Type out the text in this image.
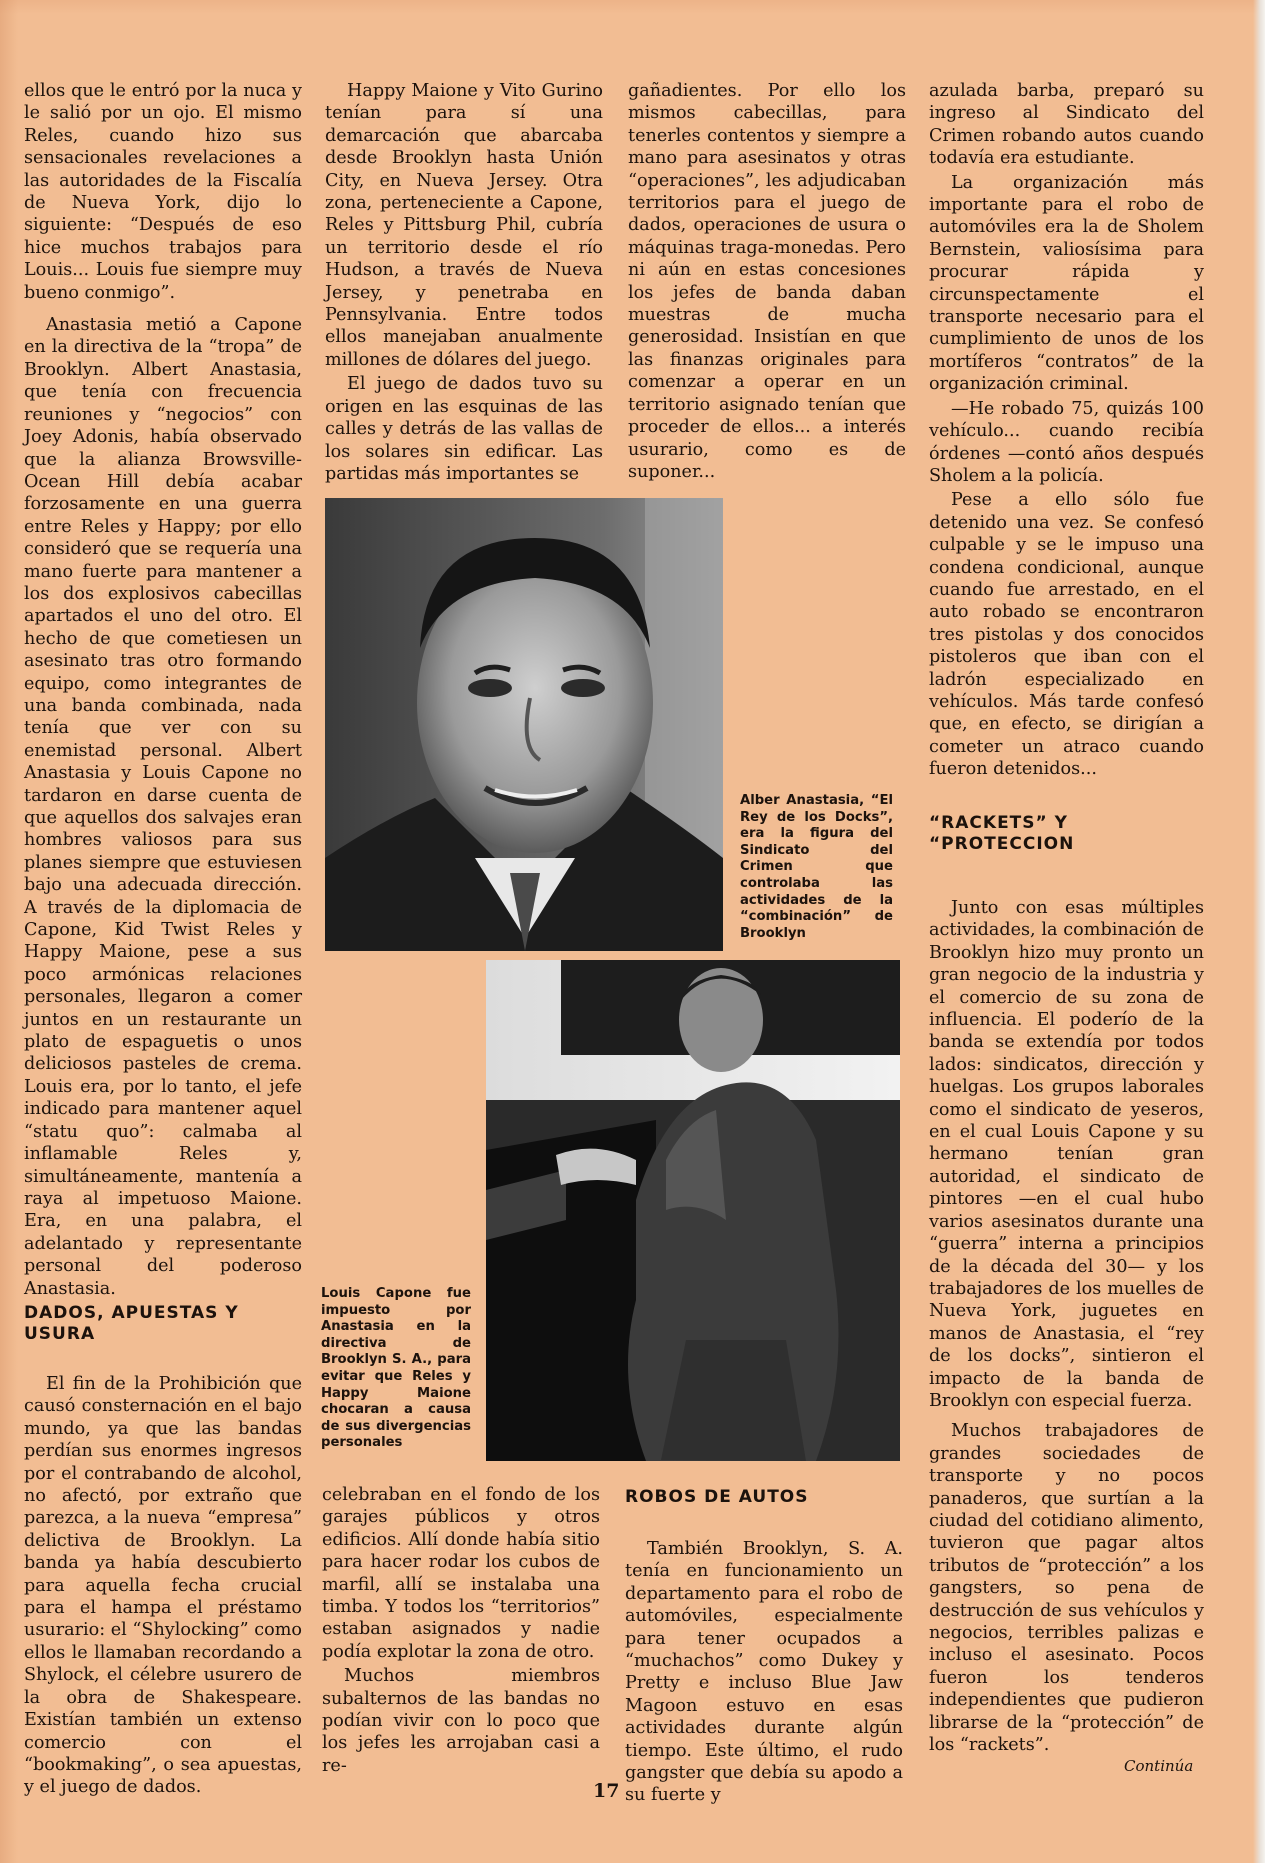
ellos que le entró por la nuca y le salió por un ojo. El mismo Reles, cuando hizo sus sensacionales revelaciones a las autoridades de la Fiscalía de Nueva York, dijo lo siguiente: “Después de eso hice muchos trabajos para Louis... Louis fue siempre muy bueno conmigo”.

Anastasia metió a Capone en la directiva de la “tropa” de Brooklyn. Albert Anastasia, que tenía con frecuencia reuniones y “negocios” con Joey Adonis, había observado que la alianza Browsville-Ocean Hill debía acabar forzosamente en una guerra entre Reles y Happy; por ello consideró que se requería una mano fuerte para mantener a los dos explosivos cabecillas apartados el uno del otro. El hecho de que cometiesen un asesinato tras otro formando equipo, como integrantes de una banda combinada, nada tenía que ver con su enemistad personal. Albert Anastasia y Louis Capone no tardaron en darse cuenta de que aquellos dos salvajes eran hombres valiosos para sus planes siempre que estuviesen bajo una adecuada dirección. A través de la diplomacia de Capone, Kid Twist Reles y Happy Maione, pese a sus poco armónicas relaciones personales, llegaron a comer juntos en un restaurante un plato de espaguetis o unos deliciosos pasteles de crema. Louis era, por lo tanto, el jefe indicado para mantener aquel “statu quo”: calmaba al inflamable Reles y, simultáneamente, mantenía a raya al impetuoso Maione. Era, en una palabra, el adelantado y representante personal del poderoso Anastasia.

DADOS, APUESTAS Y USURA

El fin de la Prohibición que causó consternación en el bajo mundo, ya que las bandas perdían sus enormes ingresos por el contrabando de alcohol, no afectó, por extraño que parezca, a la nueva “empresa” delictiva de Brooklyn. La banda ya había descubierto para aquella fecha crucial para el hampa el préstamo usurario: el “Shylocking” como ellos le llamaban recordando a Shylock, el célebre usurero de la obra de Shakespeare. Existían también un extenso comercio con el “bookmaking”, o sea apuestas, y el juego de dados.

Happy Maione y Vito Gurino tenían para sí una demarcación que abarcaba desde Brooklyn hasta Unión City, en Nueva Jersey. Otra zona, perteneciente a Capone, Reles y Pittsburg Phil, cubría un territorio desde el río Hudson, a través de Nueva Jersey, y penetraba en Pennsylvania. Entre todos ellos manejaban anualmente millones de dólares del juego.

El juego de dados tuvo su origen en las esquinas de las calles y detrás de las vallas de los solares sin edificar. Las partidas más importantes se

celebraban en el fondo de los garajes públicos y otros edificios. Allí donde había sitio para hacer rodar los cubos de marfil, allí se instalaba una timba. Y todos los “territorios” estaban asignados y nadie podía explotar la zona de otro.

Muchos miembros subalternos de las bandas no podían vivir con lo poco que los jefes les arrojaban casi a re-

gañadientes. Por ello los mismos cabecillas, para tenerles contentos y siempre a mano para asesinatos y otras “operaciones”, les adjudicaban territorios para el juego de dados, operaciones de usura o máquinas traga-monedas. Pero ni aún en estas concesiones los jefes de banda daban muestras de mucha generosidad. Insistían en que las finanzas originales para comenzar a operar en un territorio asignado tenían que proceder de ellos... a interés usurario, como es de suponer...

ROBOS DE AUTOS

También Brooklyn, S. A. tenía en funcionamiento un departamento para el robo de automóviles, especialmente para tener ocupados a “muchachos” como Dukey y Pretty e incluso Blue Jaw Magoon estuvo en esas actividades durante algún tiempo. Este último, el rudo gangster que debía su apodo a su fuerte y

azulada barba, preparó su ingreso al Sindicato del Crimen robando autos cuando todavía era estudiante.

La organización más importante para el robo de automóviles era la de Sholem Bernstein, valiosísima para procurar rápida y circunspectamente el transporte necesario para el cumplimiento de unos de los mortíferos “contratos” de la organización criminal.

—He robado 75, quizás 100 vehículo... cuando recibía órdenes —contó años después Sholem a la policía.

Pese a ello sólo fue detenido una vez. Se confesó culpable y se le impuso una condena condicional, aunque cuando fue arrestado, en el auto robado se encontraron tres pistolas y dos conocidos pistoleros que iban con el ladrón especializado en vehículos. Más tarde confesó que, en efecto, se dirigían a cometer un atraco cuando fueron detenidos...

“RACKETS” Y “PROTECCION

Junto con esas múltiples actividades, la combinación de Brooklyn hizo muy pronto un gran negocio de la industria y el comercio de su zona de influencia. El poderío de la banda se extendía por todos lados: sindicatos, dirección y huelgas. Los grupos laborales como el sindicato de yeseros, en el cual Louis Capone y su hermano tenían gran autoridad, el sindicato de pintores —en el cual hubo varios asesinatos durante una “guerra” interna a principios de la década del 30— y los trabajadores de los muelles de Nueva York, juguetes en manos de Anastasia, el “rey de los docks”, sintieron el impacto de la banda de Brooklyn con especial fuerza.

Muchos trabajadores de grandes sociedades de transporte y no pocos panaderos, que surtían a la ciudad del cotidiano alimento, tuvieron que pagar altos tributos de “protección” a los gangsters, so pena de destrucción de sus vehículos y negocios, terribles palizas e incluso el asesinato. Pocos fueron los tenderos independientes que pudieron librarse de la “protección” de los “rackets”.

Alber Anastasia, “El Rey de los Docks”, era la figura del Sindicato del Crimen que controlaba las actividades de la “combinación” de Brooklyn
Louis Capone fue impuesto por Anastasia en la directiva de Brooklyn S. A., para evitar que Reles y Happy Maione chocaran a causa de sus divergencias personales
17
Continúa
